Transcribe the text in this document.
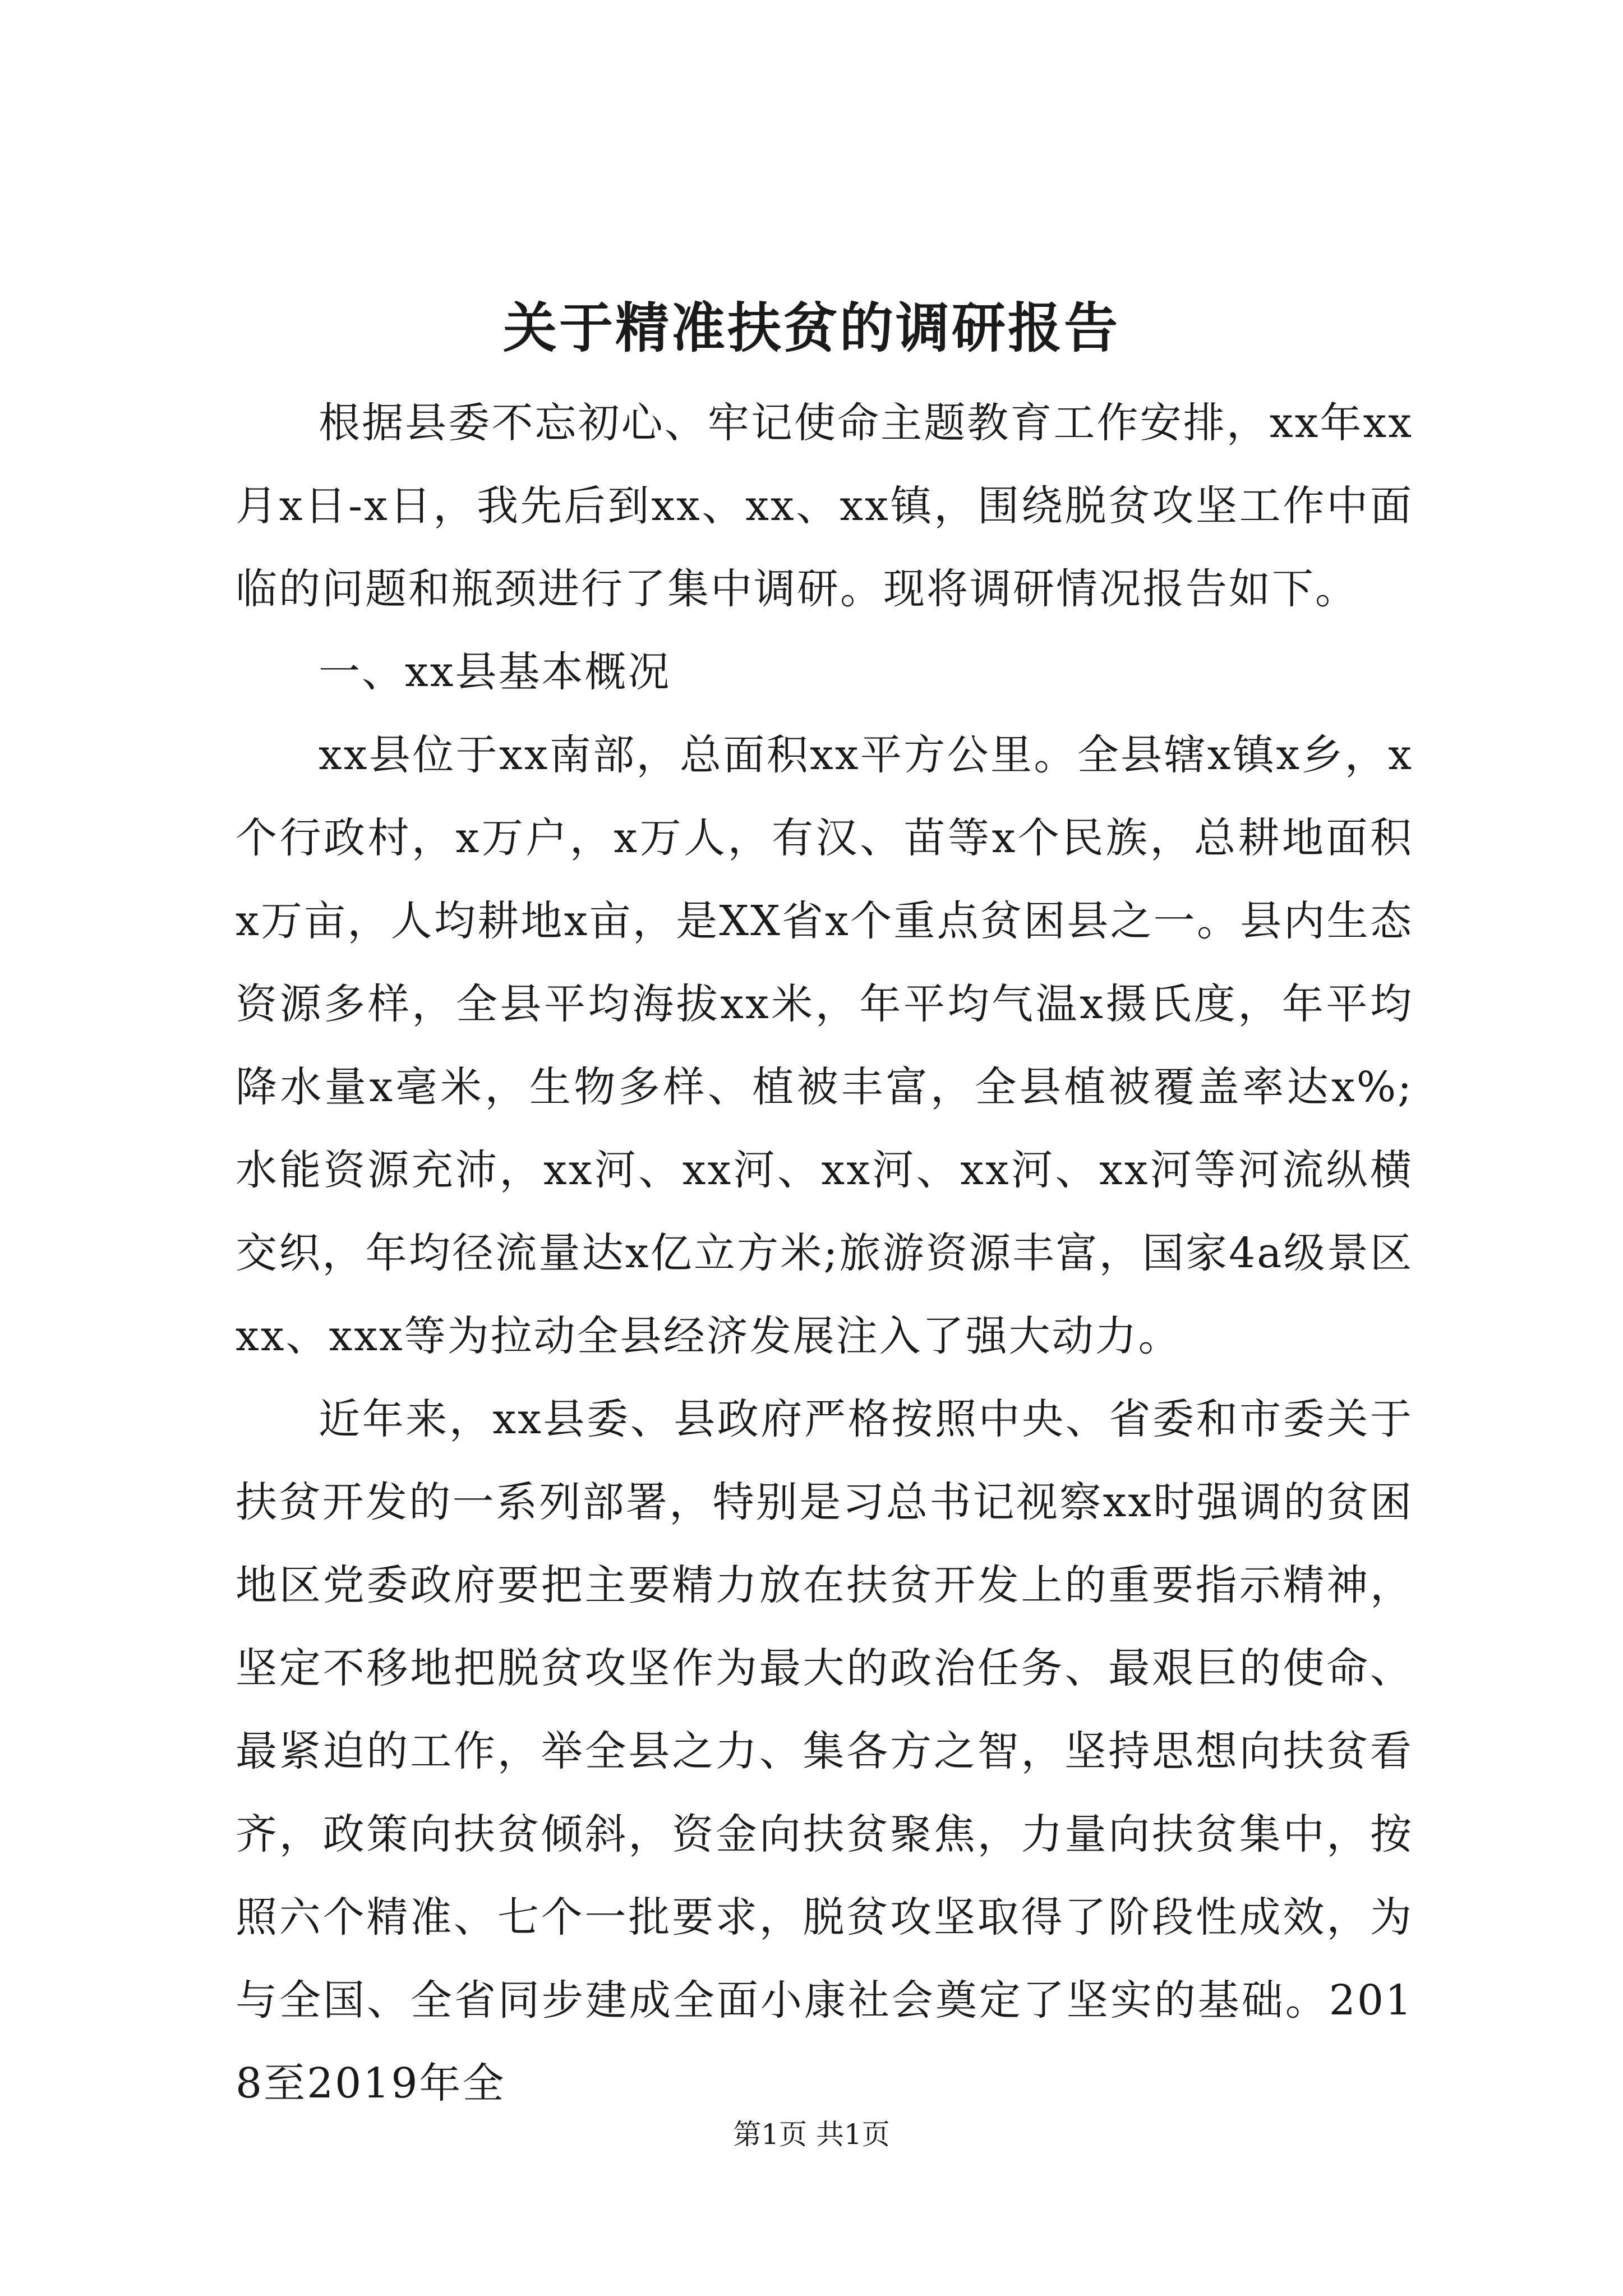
关于精准扶贫的调研报告

根据县委不忘初心、牢记使命主题教育工作安排，xx年xx月x日-x日，我先后到xx、xx、xx镇，围绕脱贫攻坚工作中面临的问题和瓶颈进行了集中调研。现将调研情况报告如下。

一、xx县基本概况

xx县位于xx南部，总面积xx平方公里。全县辖x镇x乡，x个行政村，x万户，x万人，有汉、苗等x个民族，总耕地面积x万亩，人均耕地x亩，是XX省x个重点贫困县之一。县内生态资源多样，全县平均海拔xx米，年平均气温x摄氏度，年平均降水量x毫米，生物多样、植被丰富，全县植被覆盖率达x%;水能资源充沛，xx河、xx河、xx河、xx河、xx河等河流纵横交织，年均径流量达x亿立方米;旅游资源丰富，国家4a级景区xx、xxx等为拉动全县经济发展注入了强大动力。

近年来，xx县委、县政府严格按照中央、省委和市委关于扶贫开发的一系列部署，特别是习总书记视察xx时强调的贫困地区党委政府要把主要精力放在扶贫开发上的重要指示精神，坚定不移地把脱贫攻坚作为最大的政治任务、最艰巨的使命、最紧迫的工作，举全县之力、集各方之智，坚持思想向扶贫看齐，政策向扶贫倾斜，资金向扶贫聚焦，力量向扶贫集中，按照六个精准、七个一批要求，脱贫攻坚取得了阶段性成效，为与全国、全省同步建成全面小康社会奠定了坚实的基础。2018至2019年全

第1页 共1页
